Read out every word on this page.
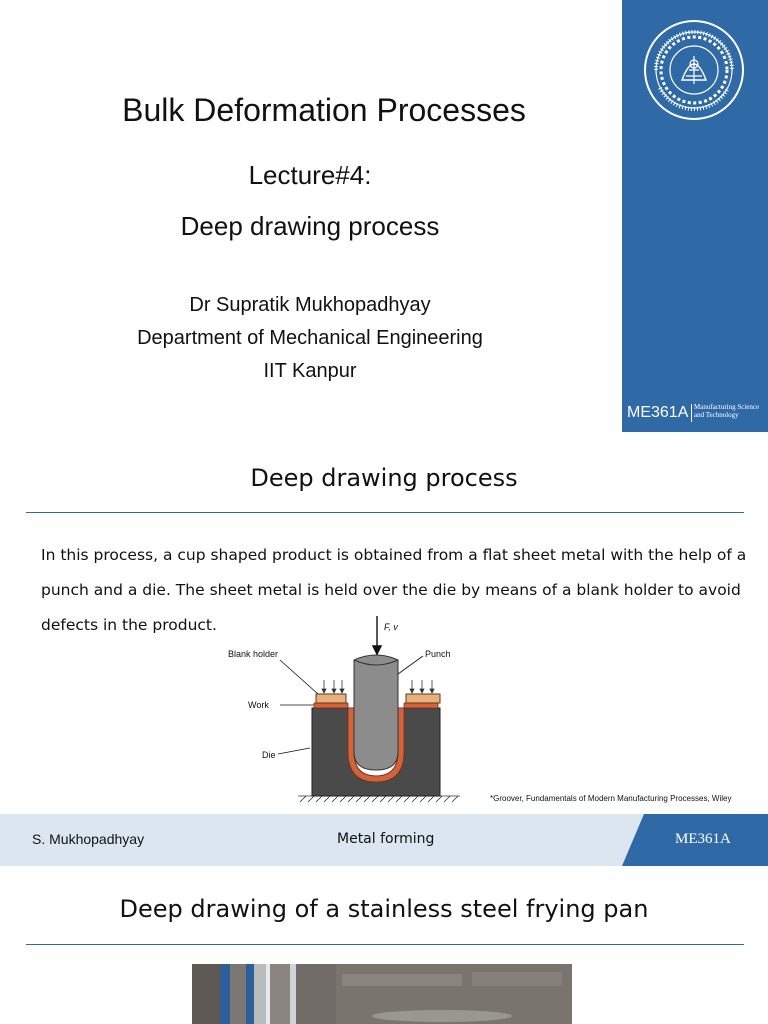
Bulk Deformation Processes
Lecture#4:
Deep drawing process
Dr Supratik Mukhopadhyay
Department of Mechanical Engineering
IIT Kanpur
ME361A Manufacturing Science
and Technology
Deep drawing process
In this process, a cup shaped product is obtained from a flat sheet metal with the help of a
punch and a die. The sheet metal is held over the die by means of a blank holder to avoid
defects in the product.	F, v
Blank holder	Punch
Work
Die
*Groover, Fundamentals of Modern Manufacturing Processes, Wiley
S. Mukhopadhyay	Metal forming	ME361A
Deep drawing of a stainless steel frying pan
